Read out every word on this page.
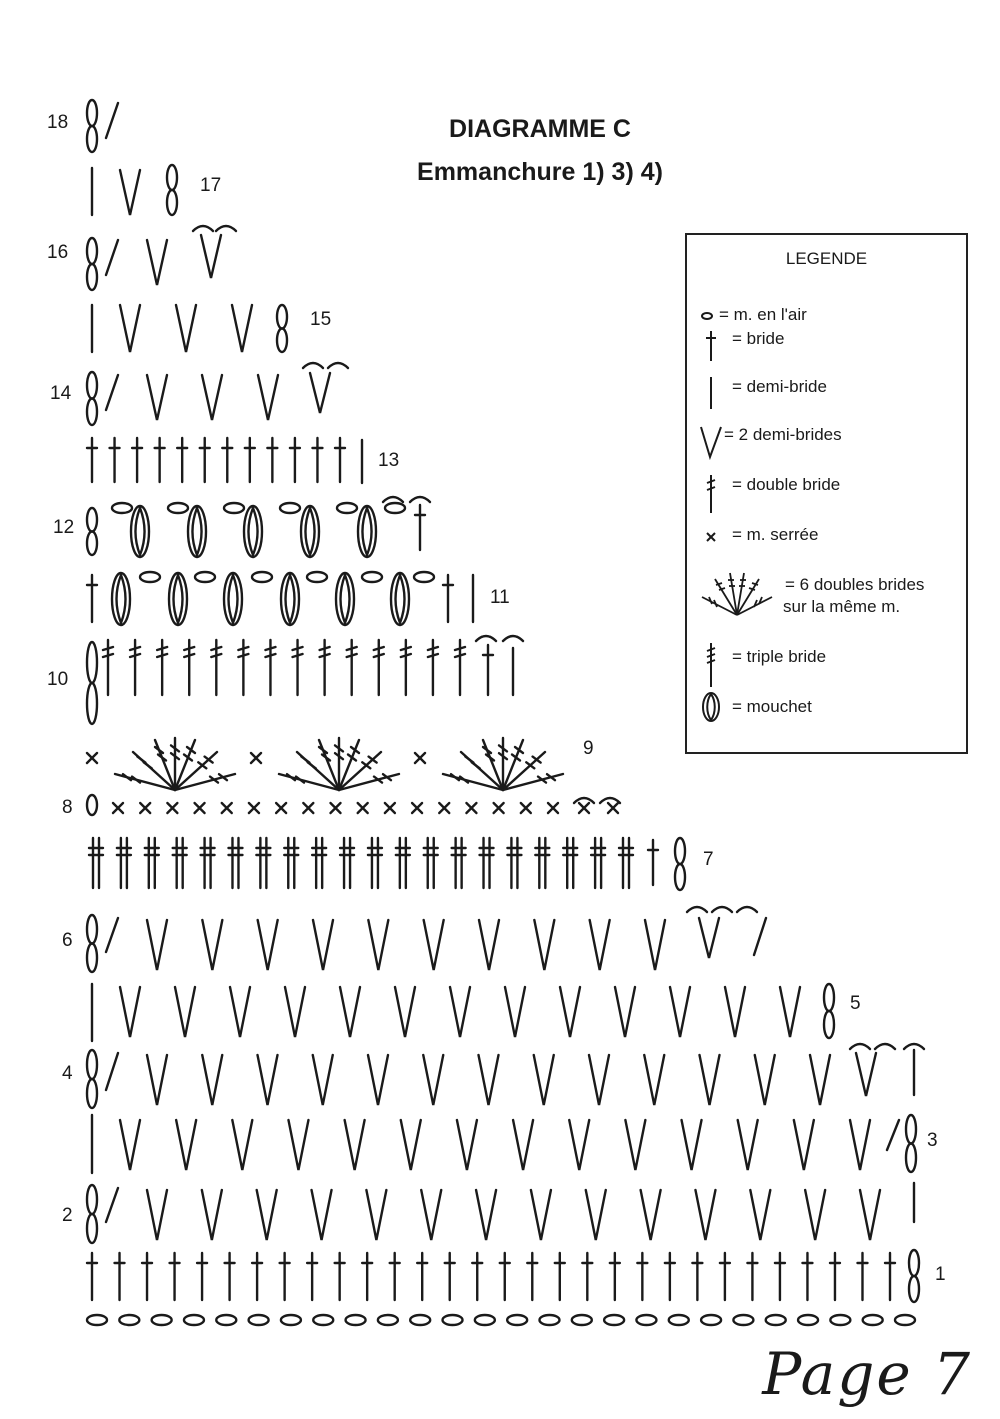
DIAGRAMME C
Emmanchure 1) 3) 4)
1
2
3
4
5
6
7
8
9
10
11
12
13
14
15
16
17
18
LEGENDE
= m. en l'air
= bride
= demi-bride
= 2 demi-brides
= double bride
= m. serrée
= 6 doubles brides
sur la même m.
= triple bride
= mouchet
Page 7
